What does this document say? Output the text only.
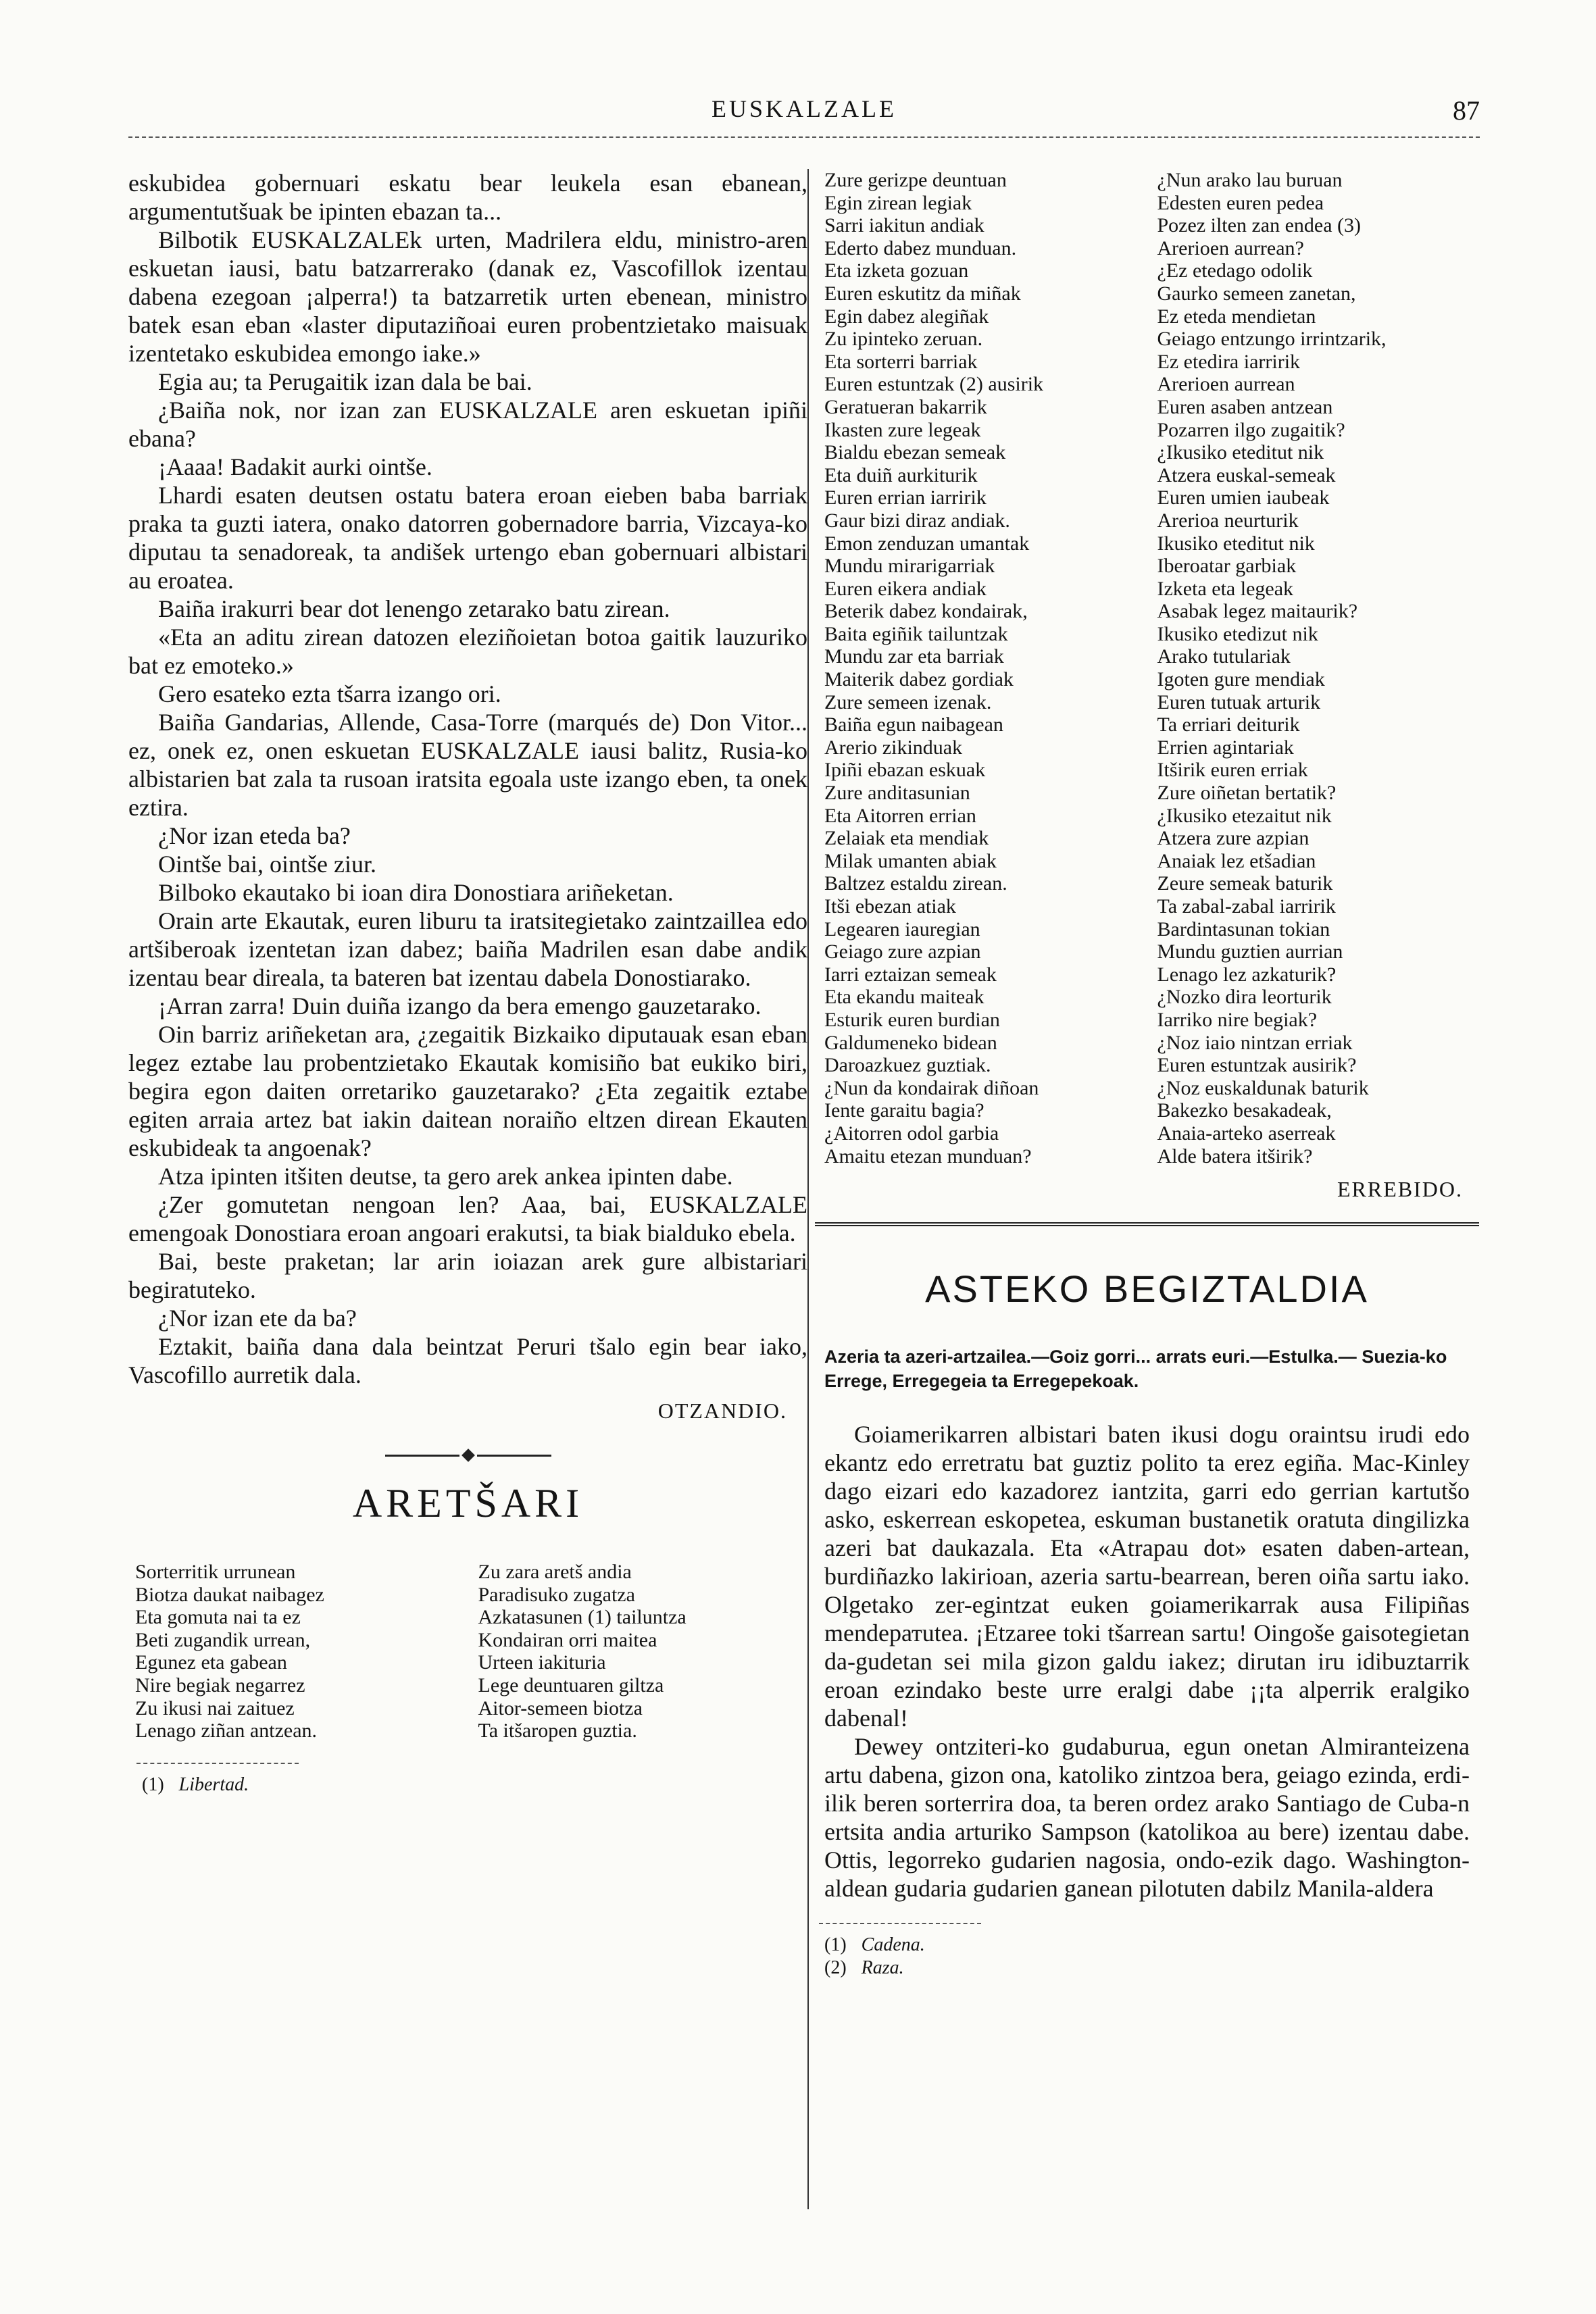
EUSKALZALE	87

eskubidea gobernuari eskatu bear leukela esan ebanean, argumentutšuak be ipinten ebazan ta...

Bilbotik EUSKALZALEk urten, Madrilera eldu, ministro-aren eskuetan iausi, batu batzarrerako (danak ez, Vascofillok izentau dabena ezegoan ¡alperra!) ta batzarretik urten ebenean, ministro batek esan eban «laster diputaziñoai euren probentzietako maisuak izentetako eskubidea emongo iake.»

Egia au; ta Perugaitik izan dala be bai.

¿Baiña nok, nor izan zan EUSKALZALE aren eskuetan ipiñi ebana?

¡Aaaa! Badakit aurki ointše.

Lhardi esaten deutsen ostatu batera eroan eieben baba barriak praka ta guzti iatera, onako datorren gobernadore barria, Vizcaya-ko diputau ta senadoreak, ta andišek urtengo eban gobernuari albistari au eroatea.

Baiña irakurri bear dot lenengo zetarako batu zirean.

«Eta an aditu zirean datozen eleziñoietan botoa gaitik lauzuriko bat ez emoteko.»

Gero esateko ezta tšarra izango ori.

Baiña Gandarias, Allende, Casa-Torre (marqués de) Don Vitor... ez, onek ez, onen eskuetan EUSKALZALE iausi balitz, Rusia-ko albistarien bat zala ta rusoan iratsita egoala uste izango eben, ta onek eztira.

¿Nor izan eteda ba?

Ointše bai, ointše ziur.

Bilboko ekautako bi ioan dira Donostiara ariñeketan.

Orain arte Ekautak, euren liburu ta iratsitegietako zaintzaillea edo artšiberoak izentetan izan dabez; baiña Madrilen esan dabe andik izentau bear direala, ta bateren bat izentau dabela Donostiarako.

¡Arran zarra! Duin duiña izango da bera emengo gauzetarako.

Oin barriz ariñeketan ara, ¿zegaitik Bizkaiko diputauak esan eban legez eztabe lau probentzietako Ekautak komisiño bat eukiko biri, begira egon daiten orretariko gauzetarako? ¿Eta zegaitik eztabe egiten arraia artez bat iakin daitean noraiño eltzen direan Ekauten eskubideak ta angoenak?

Atza ipinten itšiten deutse, ta gero arek ankea ipinten dabe.

¿Zer gomutetan nengoan len? Aaa, bai, EUSKALZALE emengoak Donostiara eroan angoari erakutsi, ta biak bialduko ebela.

Bai, beste praketan; lar arin ioiazan arek gure albistariari begiratuteko.

¿Nor izan ete da ba?

Eztakit, baiña dana dala beintzat Peruri tšalo egin bear iako, Vascofillo aurretik dala.

OTZANDIO.
ARETŠARI
Sorterritik urrunean
Biotza daukat naibagez
Eta gomuta nai ta ez
Beti zugandik urrean,
Egunez eta gabean
Nire begiak negarrez
Zu ikusi nai zaituez
Lenago ziñan antzean.
Zu zara aretš andia
Paradisuko zugatza
Azkatasunen (1) tailuntza
Kondairan orri maitea
Urteen iakituria
Lege deuntuaren giltza
Aitor-semeen biotza
Ta itšaropen guztia.
(1) Libertad.
Zure gerizpe deuntuan
Egin zirean legiak
Sarri iakitun andiak
Ederto dabez munduan.
Eta izketa gozuan
Euren eskutitz da miñak
Egin dabez alegiñak
Zu ipinteko zeruan.
Eta sorterri barriak
Euren estuntzak (2) ausirik
Geratueran bakarrik
Ikasten zure legeak
Bialdu ebezan semeak
Eta duiñ aurkiturik
Euren errian iarririk
Gaur bizi diraz andiak.
Emon zenduzan umantak
Mundu mirarigarriak
Euren eikera andiak
Beterik dabez kondairak,
Baita egiñik tailuntzak
Mundu zar eta barriak
Maiterik dabez gordiak
Zure semeen izenak.
Baiña egun naibagean
Arerio zikinduak
Ipiñi ebazan eskuak
Zure anditasunian
Eta Aitorren errian
Zelaiak eta mendiak
Milak umanten abiak
Baltzez estaldu zirean.
Itši ebezan atiak
Legearen iauregian
Geiago zure azpian
Iarri eztaizan semeak
Eta ekandu maiteak
Esturik euren burdian
Galdumeneko bidean
Daroazkuez guztiak.
¿Nun da kondairak diñoan
Iente garaitu bagia?
¿Aitorren odol garbia
Amaitu etezan munduan?
¿Nun arako lau buruan
Edesten euren pedea
Pozez ilten zan endea (3)
Arerioen aurrean?
¿Ez etedago odolik
Gaurko semeen zanetan,
Ez eteda mendietan
Geiago entzungo irrintzarik,
Ez etedira iarririk
Arerioen aurrean
Euren asaben antzean
Pozarren ilgo zugaitik?
¿Ikusiko eteditut nik
Atzera euskal-semeak
Euren umien iaubeak
Arerioa neurturik
Ikusiko eteditut nik
Iberoatar garbiak
Izketa eta legeak
Asabak legez maitaurik?
Ikusiko etedizut nik
Arako tutulariak
Igoten gure mendiak
Euren tutuak arturik
Ta erriari deiturik
Errien agintariak
Itširik euren erriak
Zure oiñetan bertatik?
¿Ikusiko etezaitut nik
Atzera zure azpian
Anaiak lez etšadian
Zeure semeak baturik
Ta zabal-zabal iarririk
Bardintasunan tokian
Mundu guztien aurrian
Lenago lez azkaturik?
¿Nozko dira leorturik
Iarriko nire begiak?
¿Noz iaio nintzan erriak
Euren estuntzak ausirik?
¿Noz euskaldunak baturik
Bakezko besakadeak,
Anaia-arteko aserreak
Alde batera itširik?
ERREBIDO.
ASTEKO BEGIZTALDIA
Azeria ta azeri-artzailea.—Goiz gorri... arrats euri.—Estulka.— Suezia-ko Errege, Erregegeia ta Erregepekoak.

Goiamerikarren albistari baten ikusi dogu oraintsu irudi edo ekantz edo erretratu bat guztiz polito ta erez egiña. Mac-Kinley dago eizari edo kazadorez iantzita, garri edo gerrian kartutšo asko, eskerrean eskopetea, eskuman bustanetik oratuta dingilizka azeri bat daukazala. Eta «Atrapau dot» esaten daben-artean, burdiñazko lakirioan, azeria sartu-bearrean, beren oiña sartu iako. Olgetako zer-egintzat euken goiamerikarrak ausa Filipiñas mendeратutea. ¡Etzaree toki tšarrean sartu! Oingoše gaisotegietan da-gudetan sei mila gizon galdu iakez; dirutan iru idibuztarrik eroan ezindako beste urre eralgi dabe ¡¡ta alperrik eralgiko dabenal!

Dewey ontziteri-ko gudaburua, egun onetan Almiranteizena artu dabena, gizon ona, katoliko zintzoa bera, geiago ezinda, erdi-ilik beren sorterrira doa, ta beren ordez arako Santiago de Cuba-n ertsita andia arturiko Sampson (katolikoa au bere) izentau dabe. Ottis, legorreko gudarien nagosia, ondo-ezik dago. Washington-aldean gudaria gudarien ganean pilotuten dabilz Manila-aldera

(1) Cadena.
(2) Raza.
